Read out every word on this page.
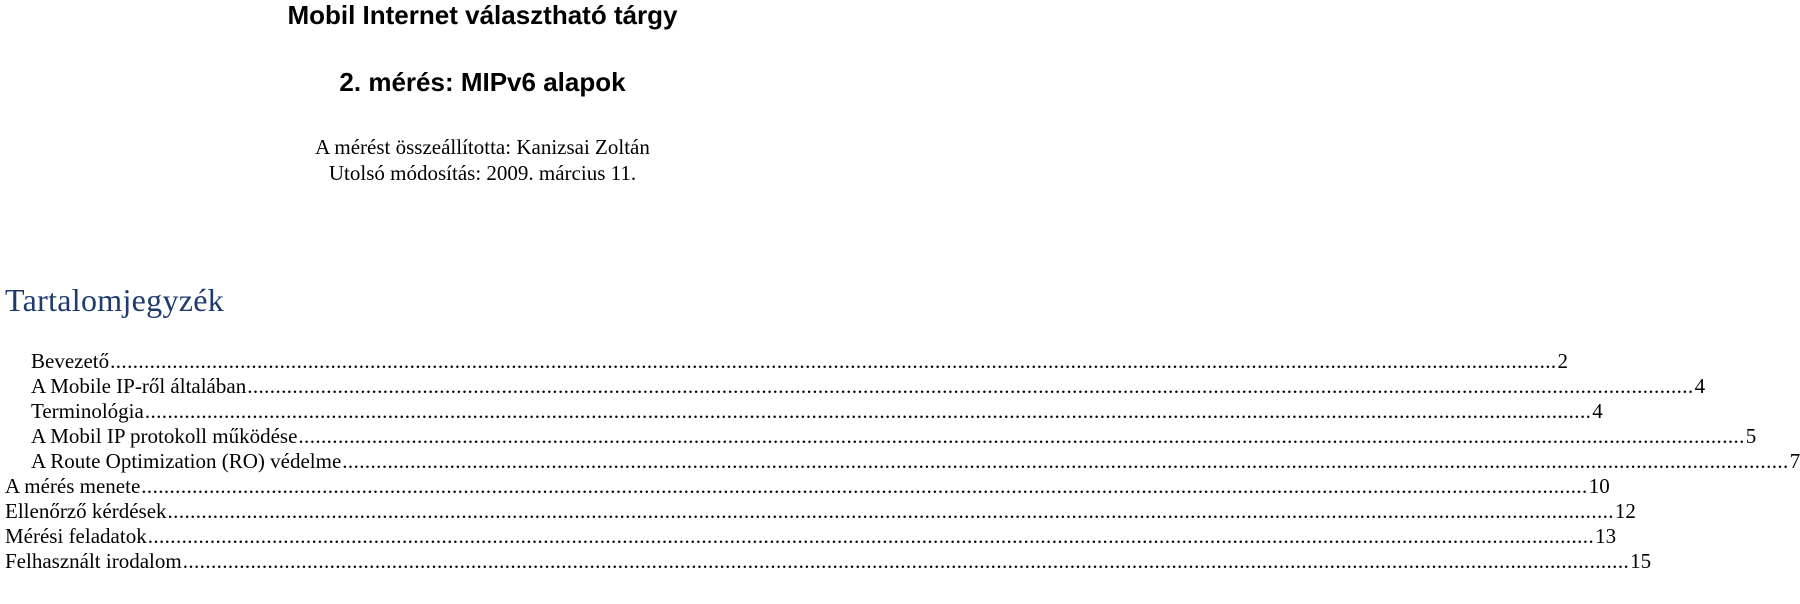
Mobil Internet választható tárgy
2. mérés: MIPv6 alapok

A mérést összeállította: Kanizsai Zoltán

Utolsó módosítás: 2009. március 11.

Tartalomjegyzék
Bevezető .....	2
A Mobile IP-ről általában .....	4
Terminológia .....	4
A Mobil IP protokoll működése .....	5
A Route Optimization (RO) védelme .....	7
A mérés menete .....	10
Ellenőrző kérdések .....	12
Mérési feladatok .....	13
Felhasznált irodalom .....	15
